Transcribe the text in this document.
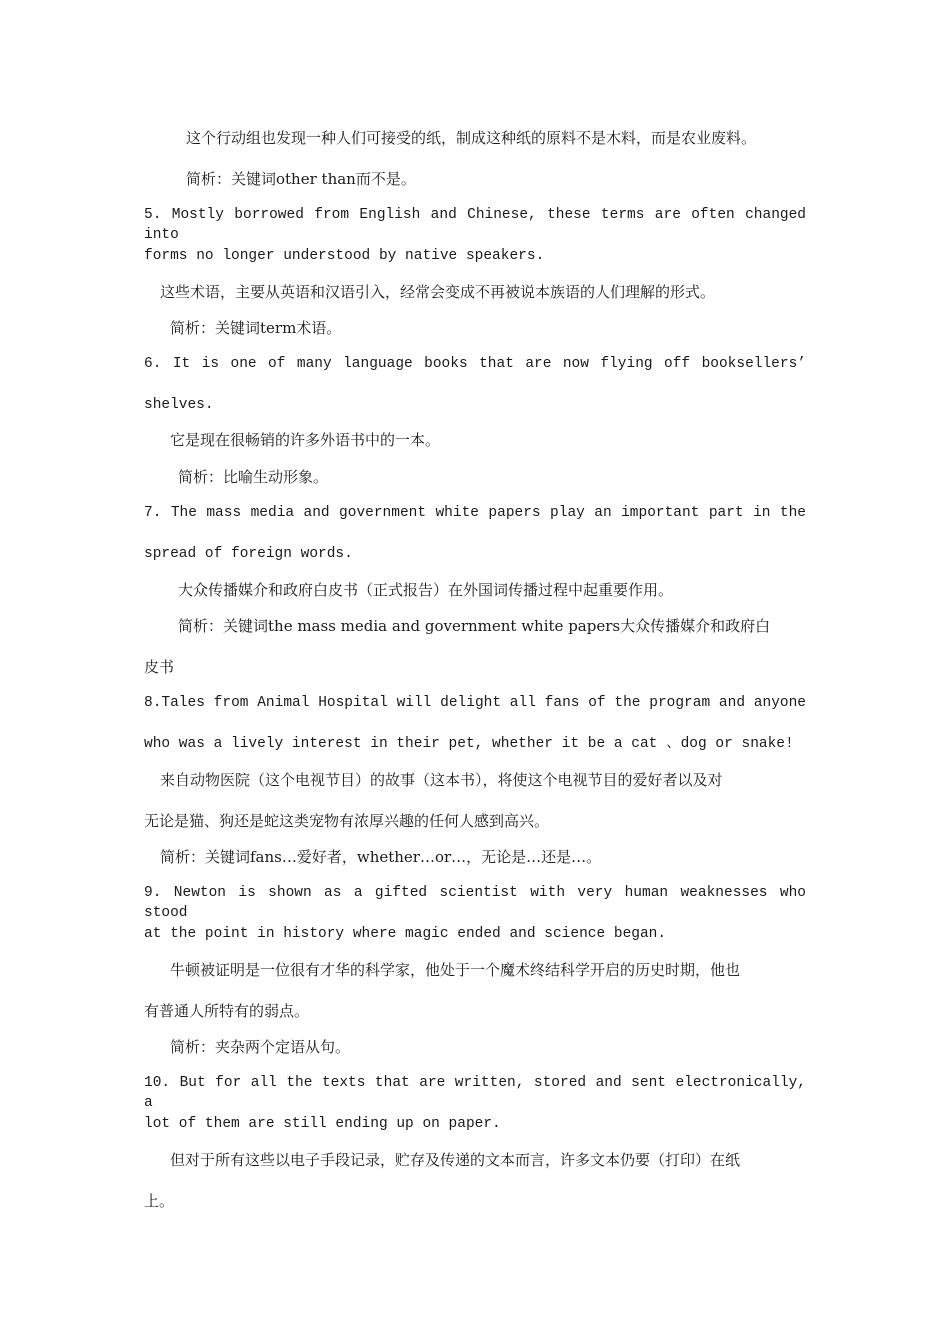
这个行动组也发现一种人们可接受的纸，制成这种纸的原料不是木料，而是农业废料。
简析：关键词other than而不是。
5. Mostly borrowed from English and Chinese, these terms are often changed into
forms no longer understood by native speakers.
这些术语，主要从英语和汉语引入，经常会变成不再被说本族语的人们理解的形式。
简析：关键词term术语。
6. It is one of many language books that are now flying off booksellers’
shelves.
它是现在很畅销的许多外语书中的一本。
简析：比喻生动形象。
7. The mass media and government white papers play an important part in the
spread of foreign words.
大众传播媒介和政府白皮书（正式报告）在外国词传播过程中起重要作用。
简析：关键词the mass media and government white papers大众传播媒介和政府白
皮书
8.Tales from Animal Hospital will delight all fans of the program and anyone
who was a lively interest in their pet, whether it be a cat 、dog or snake!
来自动物医院（这个电视节目）的故事（这本书），将使这个电视节目的爱好者以及对
无论是猫、狗还是蛇这类宠物有浓厚兴趣的任何人感到高兴。
简析：关键词fans…爱好者，whether…or…，无论是…还是…。
9. Newton is shown as a gifted scientist with very human weaknesses who stood
at the point in history where magic ended and science began.
牛顿被证明是一位很有才华的科学家，他处于一个魔术终结科学开启的历史时期，他也
有普通人所特有的弱点。
简析：夹杂两个定语从句。
10. But for all the texts that are written, stored and sent electronically, a
lot of them are still ending up on paper.
但对于所有这些以电子手段记录，贮存及传递的文本而言，许多文本仍要（打印）在纸
上。
